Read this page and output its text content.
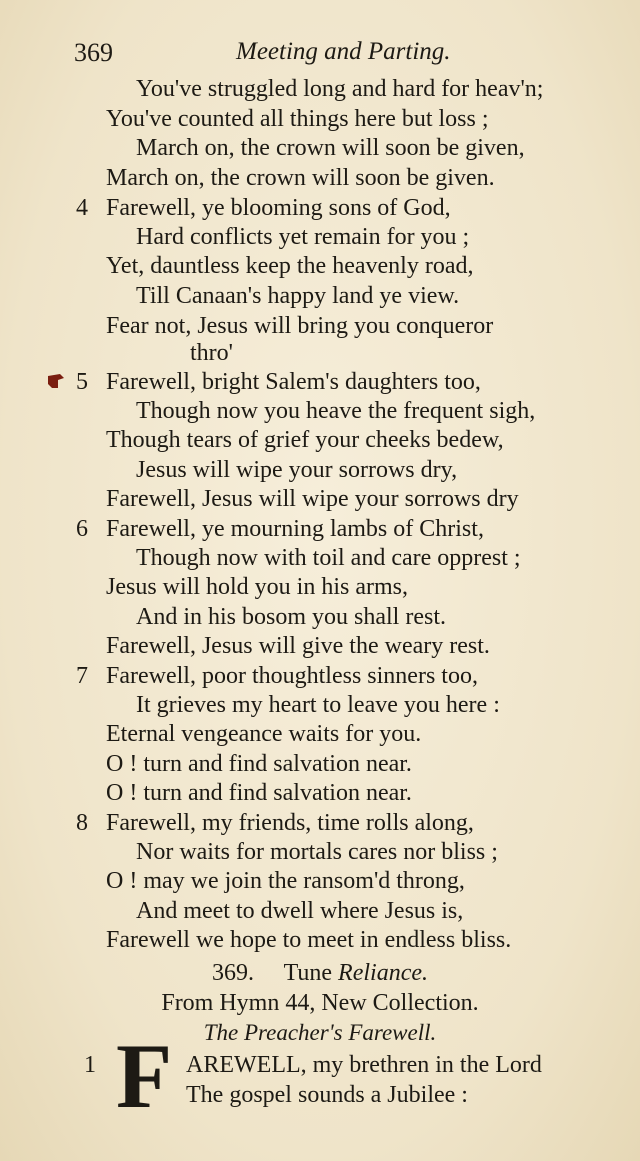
369	Meeting and Parting.
You've struggled long and hard for heav'n;
You've counted all things here but loss ;
March on, the crown will soon be given,
March on, the crown will soon be given.
4 Farewell, ye blooming sons of God,
Hard conflicts yet remain for you ;
Yet, dauntless keep the heavenly road,
Till Canaan's happy land ye view.
Fear not, Jesus will bring you conqueror
thro'
5 Farewell, bright Salem's daughters too,
Though now you heave the frequent sigh,
Though tears of grief your cheeks bedew,
Jesus will wipe your sorrows dry,
Farewell, Jesus will wipe your sorrows dry
6 Farewell, ye mourning lambs of Christ,
Though now with toil and care opprest ;
Jesus will hold you in his arms,
And in his bosom you shall rest.
Farewell, Jesus will give the weary rest.
7 Farewell, poor thoughtless sinners too,
It grieves my heart to leave you here :
Eternal vengeance waits for you.
O ! turn and find salvation near.
O ! turn and find salvation near.
8 Farewell, my friends, time rolls along,
Nor waits for mortals cares nor bliss ;
O ! may we join the ransom'd throng,
And meet to dwell where Jesus is,
Farewell we hope to meet in endless bliss.
369. Tune Reliance.
From Hymn 44, New Collection.
The Preacher's Farewell.
1 F AREWELL, my brethren in the Lord
The gospel sounds a Jubilee :
